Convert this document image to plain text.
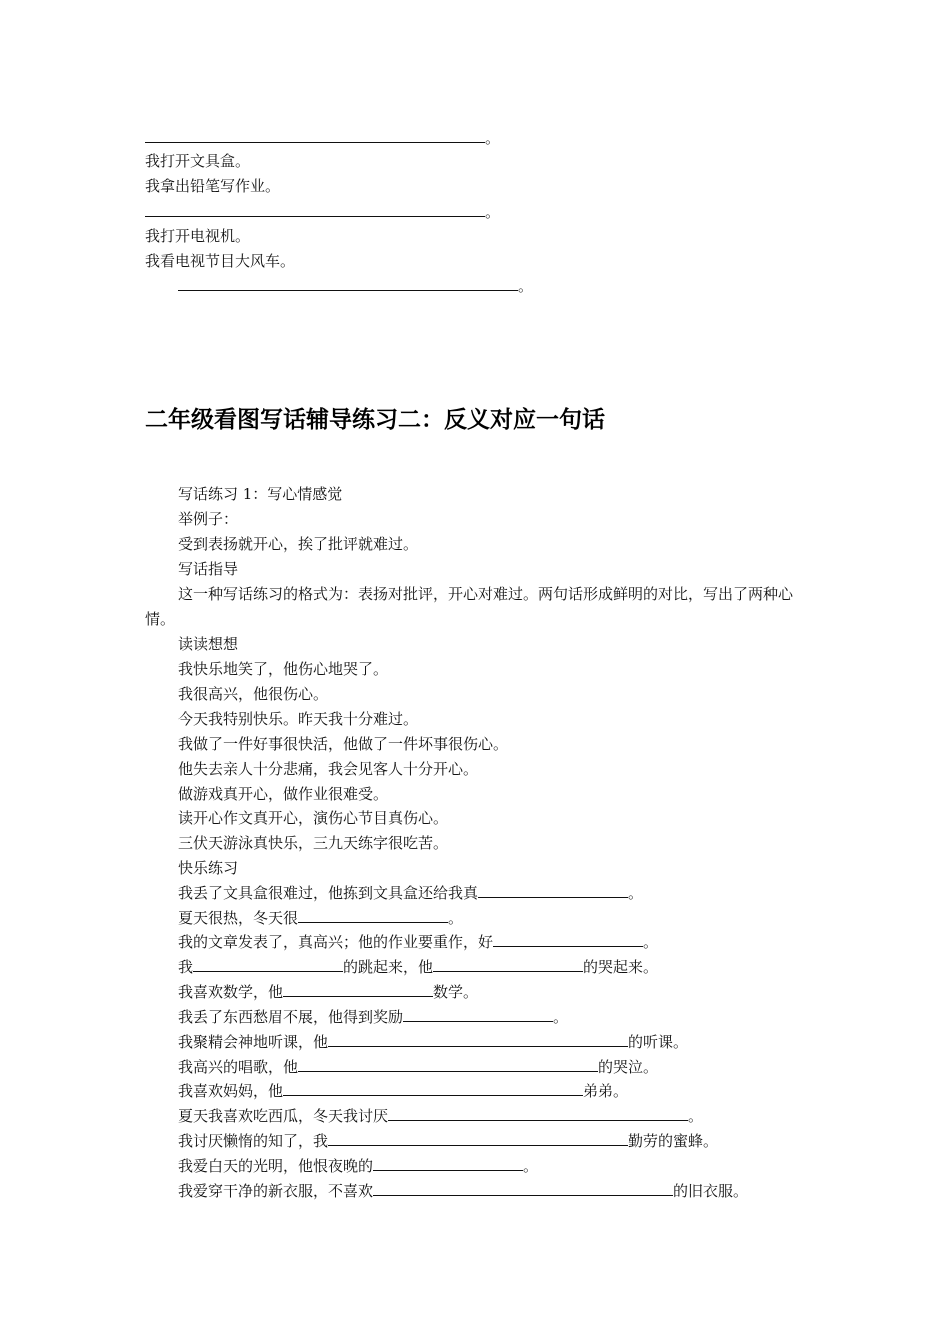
。
我打开文具盒。
我拿出铅笔写作业。
。
我打开电视机。
我看电视节目大风车。
。
二年级看图写话辅导练习二：反义对应一句话
写话练习 1：写心情感觉
举例子：
受到表扬就开心，挨了批评就难过。
写话指导
这一种写话练习的格式为：表扬对批评，开心对难过。两句话形成鲜明的对比，写出了两种心情。
读读想想
我快乐地笑了，他伤心地哭了。
我很高兴，他很伤心。
今天我特别快乐。昨天我十分难过。
我做了一件好事很快活，他做了一件坏事很伤心。
他失去亲人十分悲痛，我会见客人十分开心。
做游戏真开心，做作业很难受。
读开心作文真开心，演伤心节目真伤心。
三伏天游泳真快乐，三九天练字很吃苦。
快乐练习
我丢了文具盒很难过，他拣到文具盒还给我真	。
夏天很热，冬天很	。
我的文章发表了，真高兴；他的作业要重作，好	。
我	的跳起来，他	的哭起来。
我喜欢数学，他	数学。
我丢了东西愁眉不展，他得到奖励	。
我聚精会神地听课，他	的听课。
我高兴的唱歌，他	的哭泣。
我喜欢妈妈，他	弟弟。
夏天我喜欢吃西瓜，冬天我讨厌	。
我讨厌懒惰的知了，我	勤劳的蜜蜂。
我爱白天的光明，他恨夜晚的	。
我爱穿干净的新衣服，不喜欢	的旧衣服。
